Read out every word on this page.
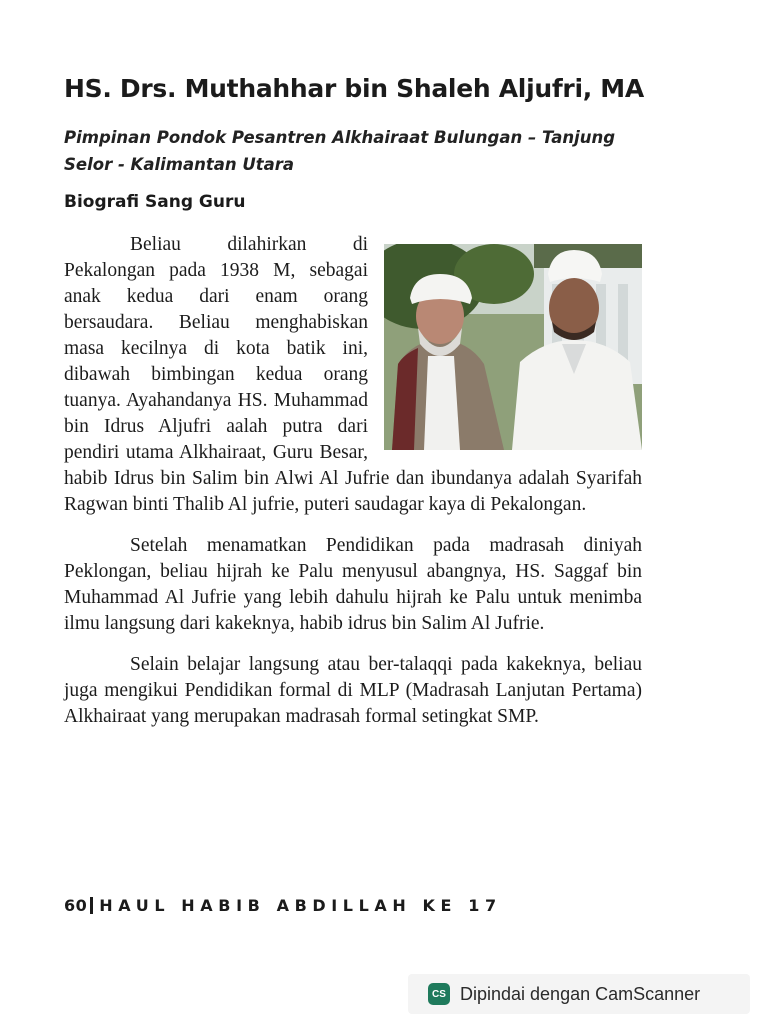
HS. Drs. Muthahhar bin Shaleh Aljufri, MA
Pimpinan Pondok Pesantren Alkhairaat Bulungan – Tanjung Selor - Kalimantan Utara
Biografi Sang Guru

Beliau dilahirkan di Pekalongan pada 1938 M, sebagai anak kedua dari enam orang bersaudara. Beliau menghabiskan masa kecilnya di kota batik ini, dibawah bimbingan kedua orang tuanya. Ayahandanya HS. Muhammad bin Idrus Aljufri aalah putra dari pendiri utama Alkhairaat, Guru Besar, habib Idrus bin Salim bin Alwi Al Jufrie dan ibundanya adalah Syarifah Ragwan binti Thalib Al jufrie, puteri saudagar kaya di Pekalongan.

Setelah menamatkan Pendidikan pada madrasah diniyah Peklongan, beliau hijrah ke Palu menyusul abangnya, HS. Saggaf bin Muhammad Al Jufrie yang lebih dahulu hijrah ke Palu untuk menimba ilmu langsung dari kakeknya, habib idrus bin Salim Al Jufrie.

Selain belajar langsung atau ber-talaqqi pada kakeknya, beliau juga mengikui Pendidikan formal di MLP (Madrasah Lanjutan Pertama) Alkhairaat yang merupakan madrasah formal setingkat SMP.

60 HAUL HABIB ABDILLAH KE 17
CS Dipindai dengan CamScanner
